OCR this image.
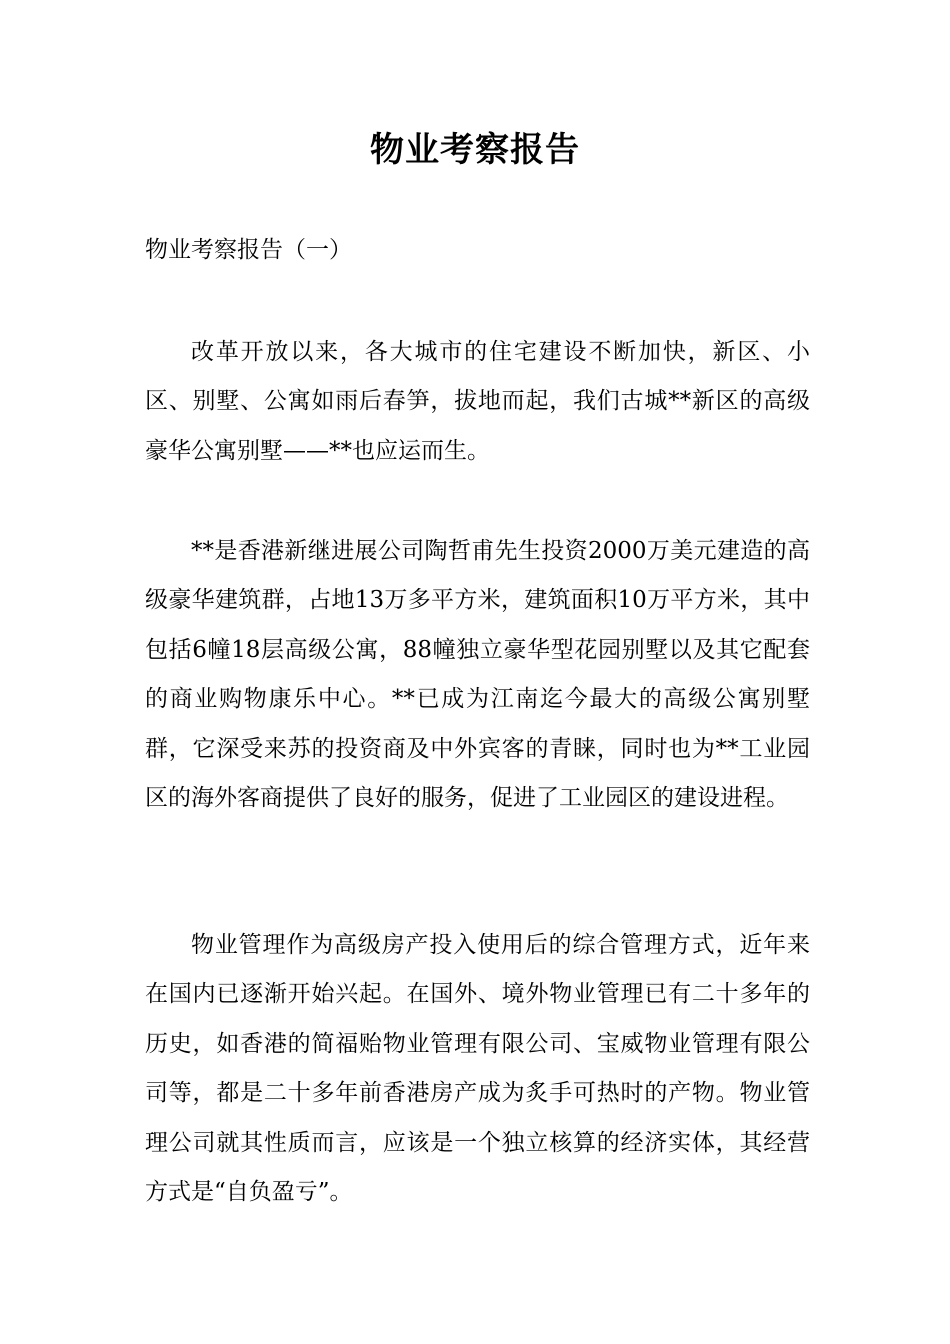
物业考察报告

物业考察报告（一）

改革开放以来，各大城市的住宅建设不断加快，新区、小区、别墅、公寓如雨后春笋，拔地而起，我们古城**新区的高级豪华公寓别墅——**也应运而生。

**是香港新继进展公司陶哲甫先生投资2000万美元建造的高级豪华建筑群，占地13万多平方米，建筑面积10万平方米，其中包括6幢18层高级公寓，88幢独立豪华型花园别墅以及其它配套的商业购物康乐中心。**已成为江南迄今最大的高级公寓别墅群，它深受来苏的投资商及中外宾客的青睐，同时也为**工业园区的海外客商提供了良好的服务，促进了工业园区的建设进程。

物业管理作为高级房产投入使用后的综合管理方式，近年来在国内已逐渐开始兴起。在国外、境外物业管理已有二十多年的历史，如香港的简福贻物业管理有限公司、宝威物业管理有限公司等，都是二十多年前香港房产成为炙手可热时的产物。物业管理公司就其性质而言，应该是一个独立核算的经济实体，其经营方式是“自负盈亏”。
